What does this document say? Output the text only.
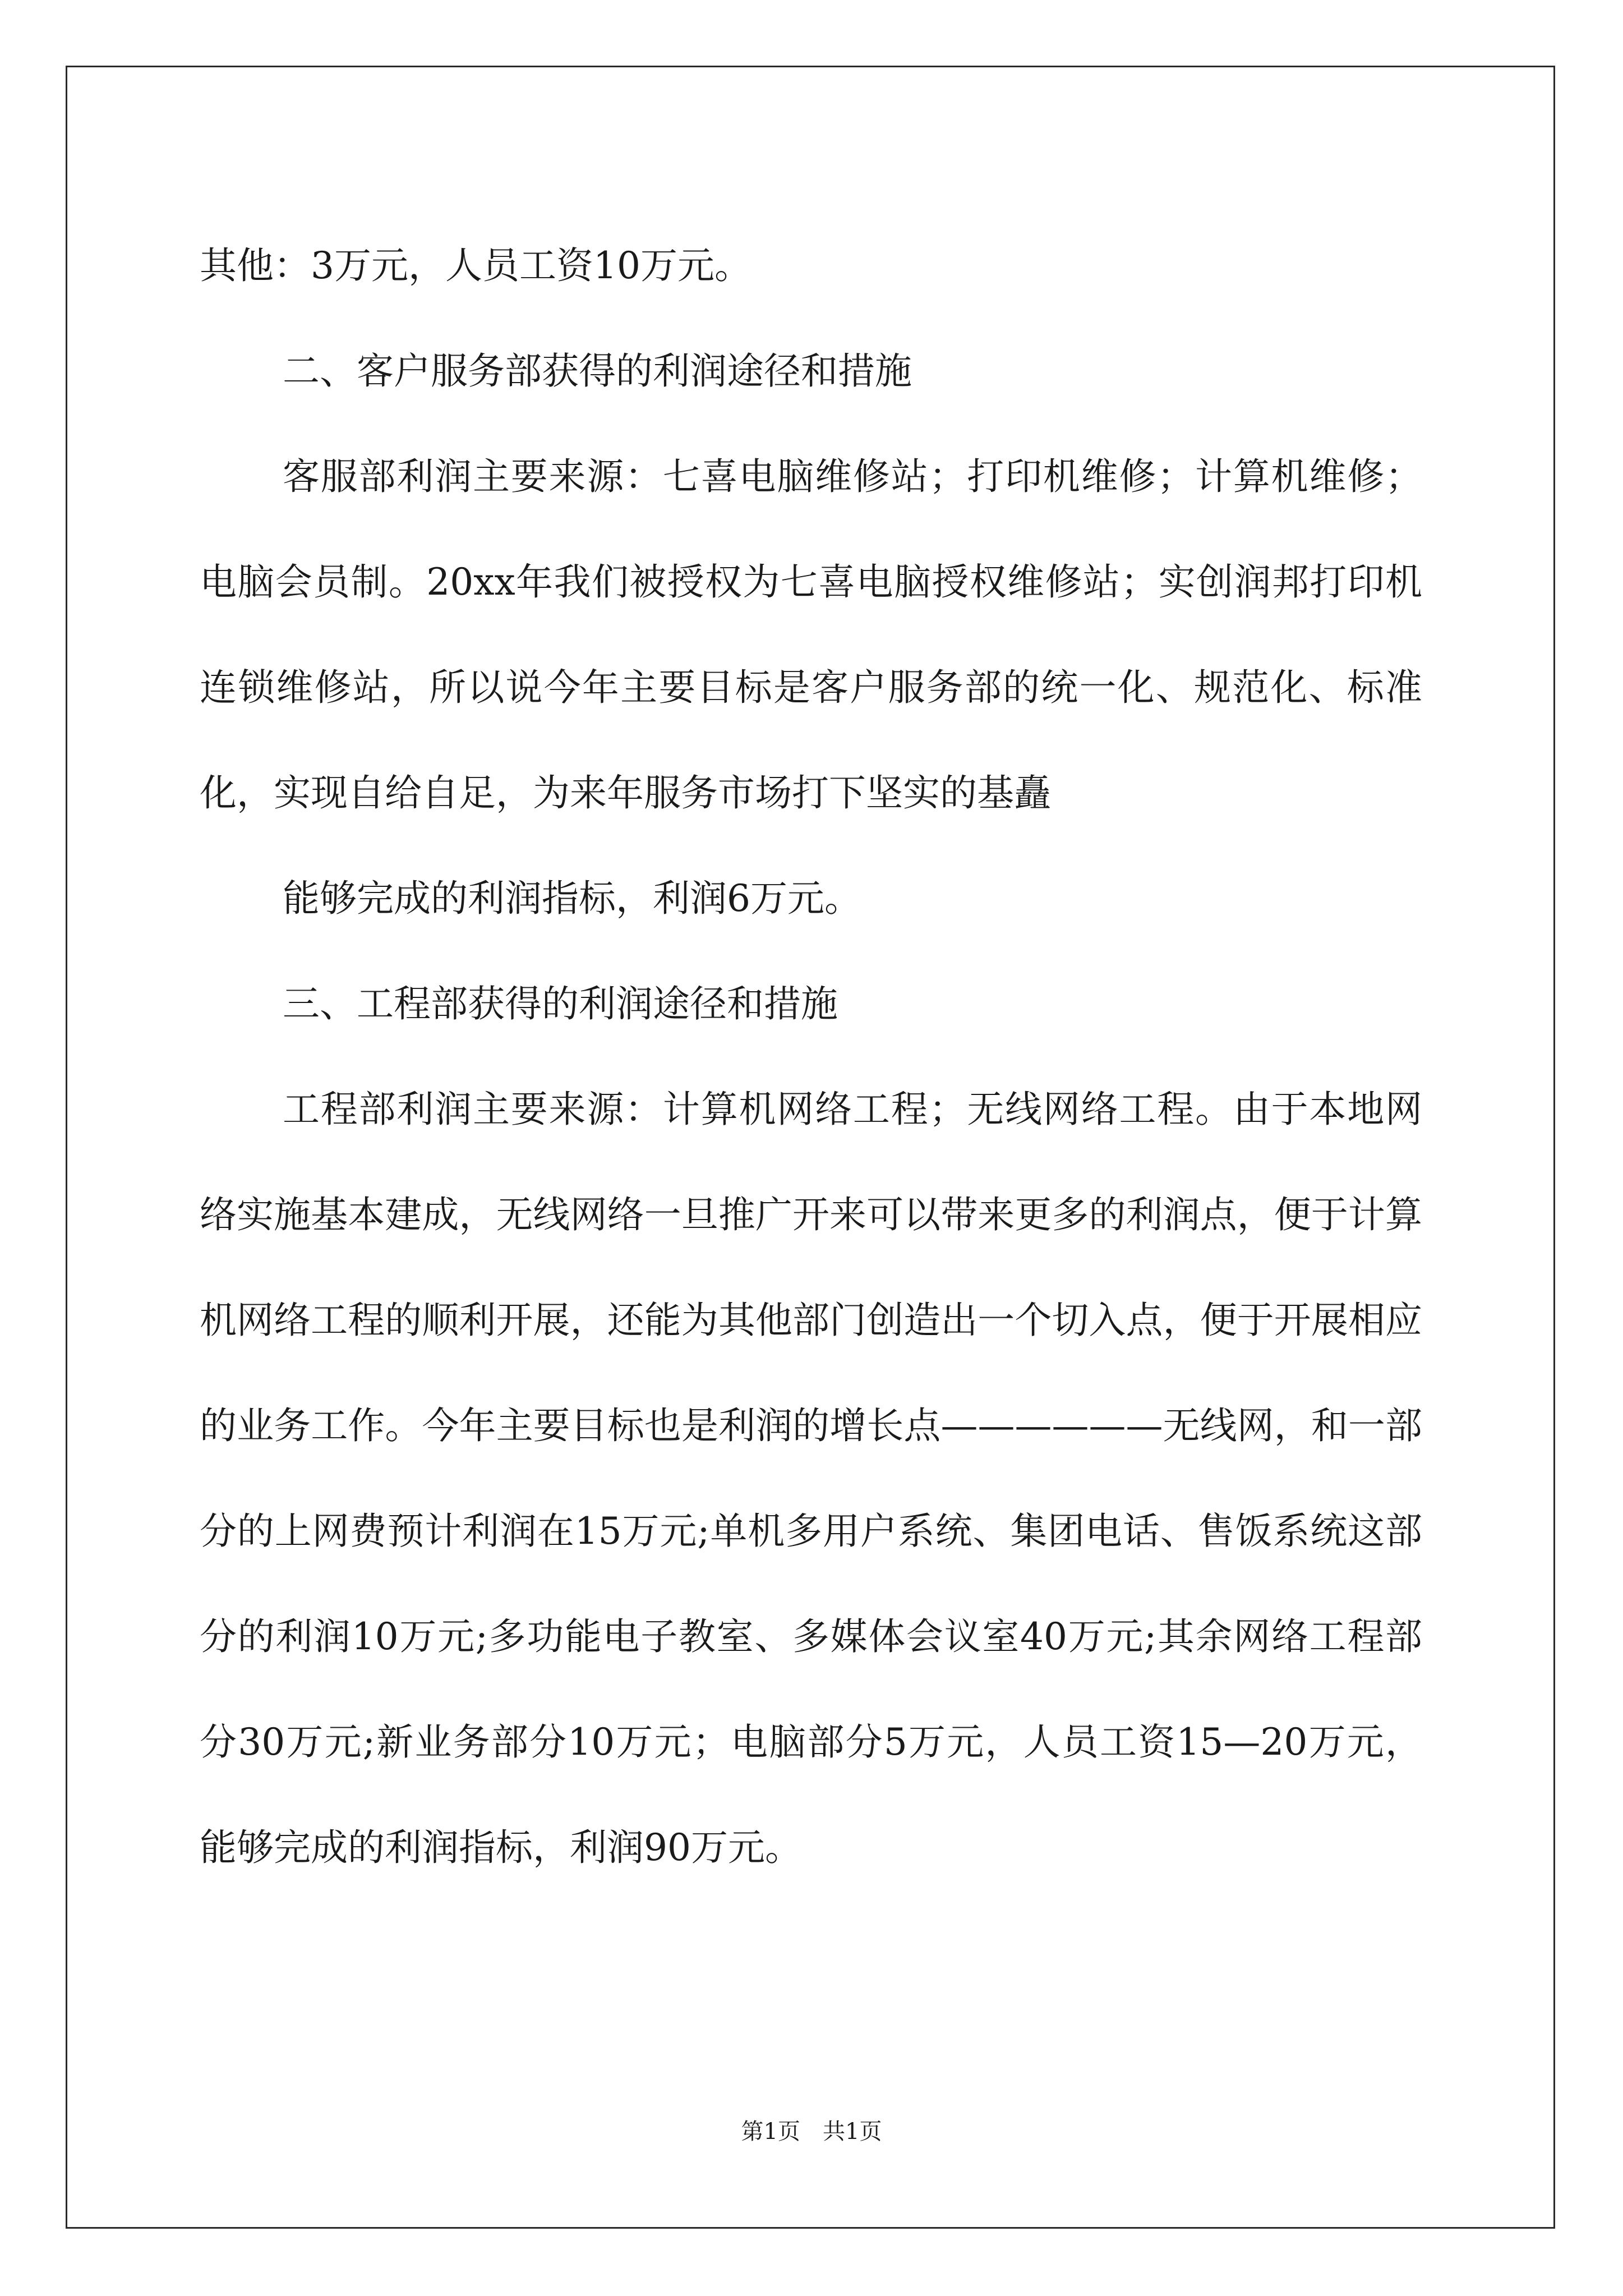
其他：3万元，人员工资10万元。

二、客户服务部获得的利润途径和措施

客服部利润主要来源：七喜电脑维修站；打印机维修；计算机维修；电脑会员制。20xx年我们被授权为七喜电脑授权维修站；实创润邦打印机连锁维修站，所以说今年主要目标是客户服务部的统一化、规范化、标准化，实现自给自足，为来年服务市场打下坚实的基矗

能够完成的利润指标，利润6万元。

三、工程部获得的利润途径和措施

工程部利润主要来源：计算机网络工程；无线网络工程。由于本地网络实施基本建成，无线网络一旦推广开来可以带来更多的利润点，便于计算机网络工程的顺利开展，还能为其他部门创造出一个切入点，便于开展相应的业务工作。今年主要目标也是利润的增长点——————无线网，和一部分的上网费预计利润在15万元;单机多用户系统、集团电话、售饭系统这部分的利润10万元;多功能电子教室、多媒体会议室40万元;其余网络工程部分30万元;新业务部分10万元；电脑部分5万元，人员工资15—20万元，能够完成的利润指标，利润90万元。

第1页 共1页
